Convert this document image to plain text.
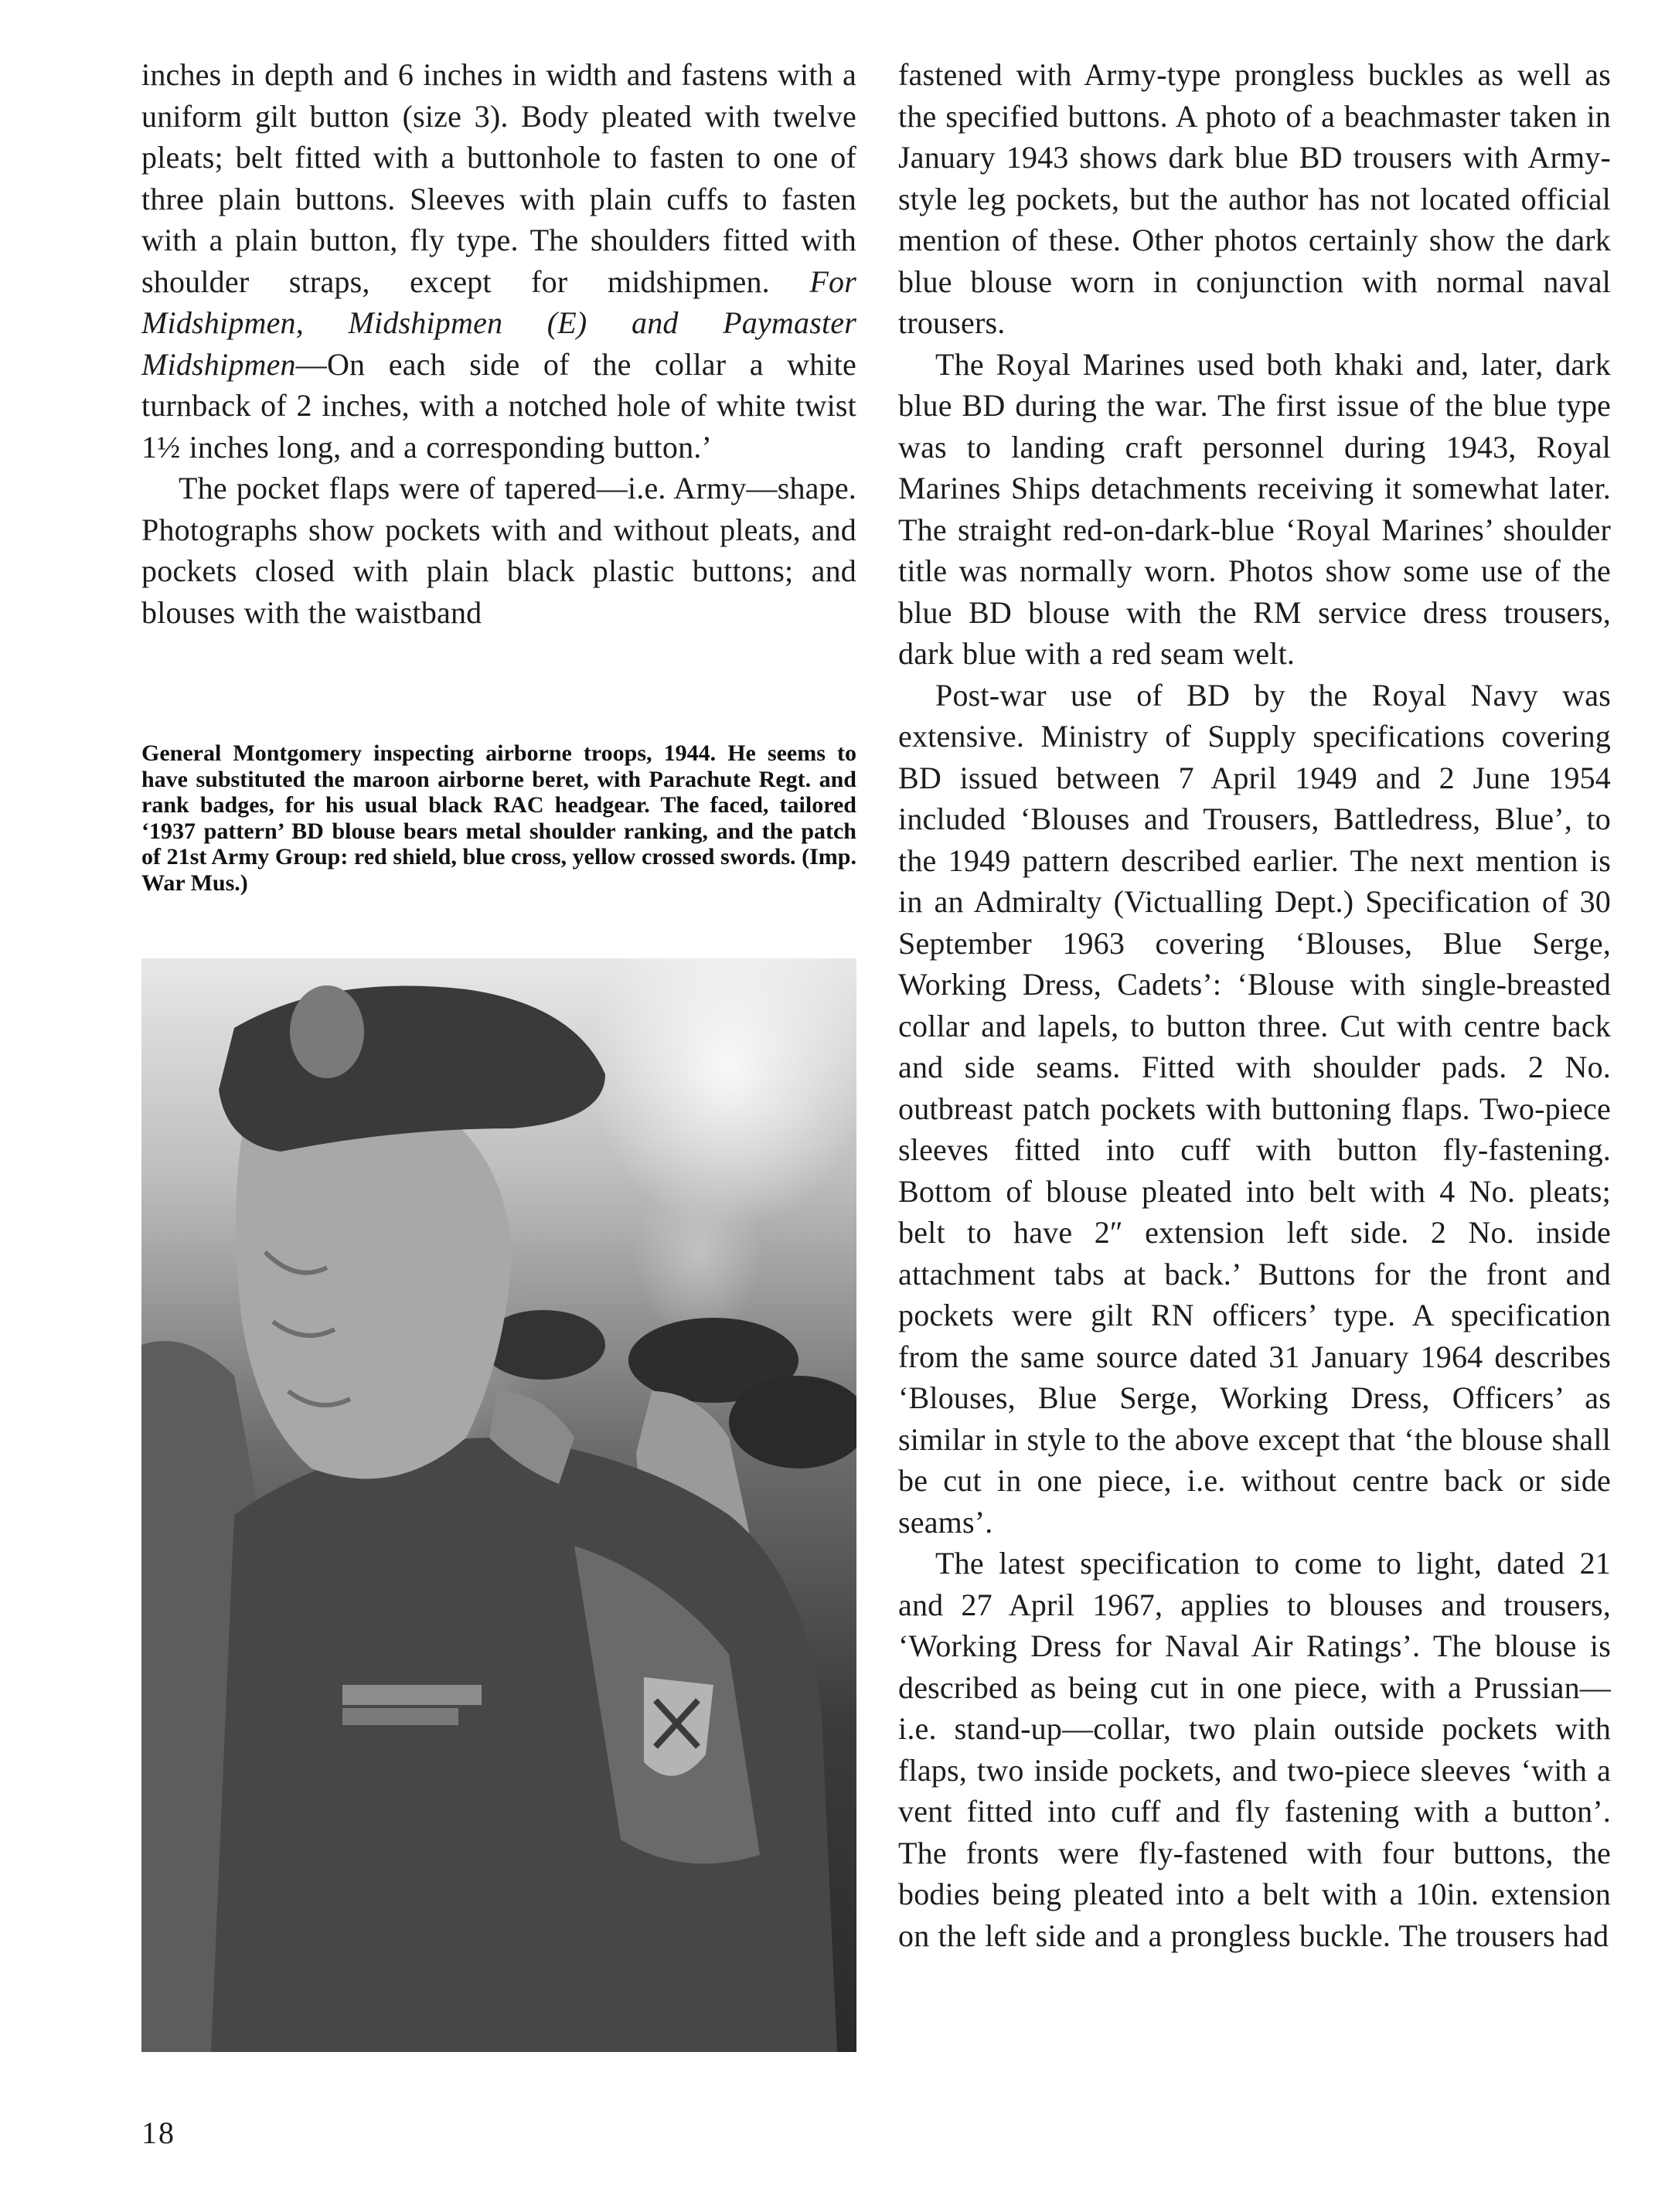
inches in depth and 6 inches in width and fastens with a uniform gilt button (size 3). Body pleated with twelve pleats; belt fitted with a buttonhole to fasten to one of three plain buttons. Sleeves with plain cuffs to fasten with a plain button, fly type. The shoulders fitted with shoulder straps, except for midshipmen. For Midshipmen, Midshipmen (E) and Paymaster Midshipmen—On each side of the collar a white turnback of 2 inches, with a notched hole of white twist 1½ inches long, and a corresponding button.’

The pocket flaps were of tapered—i.e. Army—shape. Photographs show pockets with and without pleats, and pockets closed with plain black plastic buttons; and blouses with the waistband

General Montgomery inspecting airborne troops, 1944. He seems to have substituted the maroon airborne beret, with Parachute Regt. and rank badges, for his usual black RAC headgear. The faced, tailored ‘1937 pattern’ BD blouse bears metal shoulder ranking, and the patch of 21st Army Group: red shield, blue cross, yellow crossed swords. (Imp. War Mus.)

fastened with Army-type prongless buckles as well as the specified buttons. A photo of a beachmaster taken in January 1943 shows dark blue BD trousers with Army-style leg pockets, but the author has not located official mention of these. Other photos certainly show the dark blue blouse worn in conjunction with normal naval trousers.

The Royal Marines used both khaki and, later, dark blue BD during the war. The first issue of the blue type was to landing craft personnel during 1943, Royal Marines Ships detachments receiving it somewhat later. The straight red-on-dark-blue ‘Royal Marines’ shoulder title was normally worn. Photos show some use of the blue BD blouse with the RM service dress trousers, dark blue with a red seam welt.

Post-war use of BD by the Royal Navy was extensive. Ministry of Supply specifications covering BD issued between 7 April 1949 and 2 June 1954 included ‘Blouses and Trousers, Battledress, Blue’, to the 1949 pattern described earlier. The next mention is in an Admiralty (Victualling Dept.) Specification of 30 September 1963 covering ‘Blouses, Blue Serge, Working Dress, Cadets’: ‘Blouse with single-breasted collar and lapels, to button three. Cut with centre back and side seams. Fitted with shoulder pads. 2 No. outbreast patch pockets with buttoning flaps. Two-piece sleeves fitted into cuff with button fly-fastening. Bottom of blouse pleated into belt with 4 No. pleats; belt to have 2″ extension left side. 2 No. inside attachment tabs at back.’ Buttons for the front and pockets were gilt RN officers’ type. A specification from the same source dated 31 January 1964 describes ‘Blouses, Blue Serge, Working Dress, Officers’ as similar in style to the above except that ‘the blouse shall be cut in one piece, i.e. without centre back or side seams’.

The latest specification to come to light, dated 21 and 27 April 1967, applies to blouses and trousers, ‘Working Dress for Naval Air Ratings’. The blouse is described as being cut in one piece, with a Prussian—i.e. stand-up—collar, two plain outside pockets with flaps, two inside pockets, and two-piece sleeves ‘with a vent fitted into cuff and fly fastening with a button’. The fronts were fly-fastened with four buttons, the bodies being pleated into a belt with a 10in. extension on the left side and a prongless buckle. The trousers had

18
